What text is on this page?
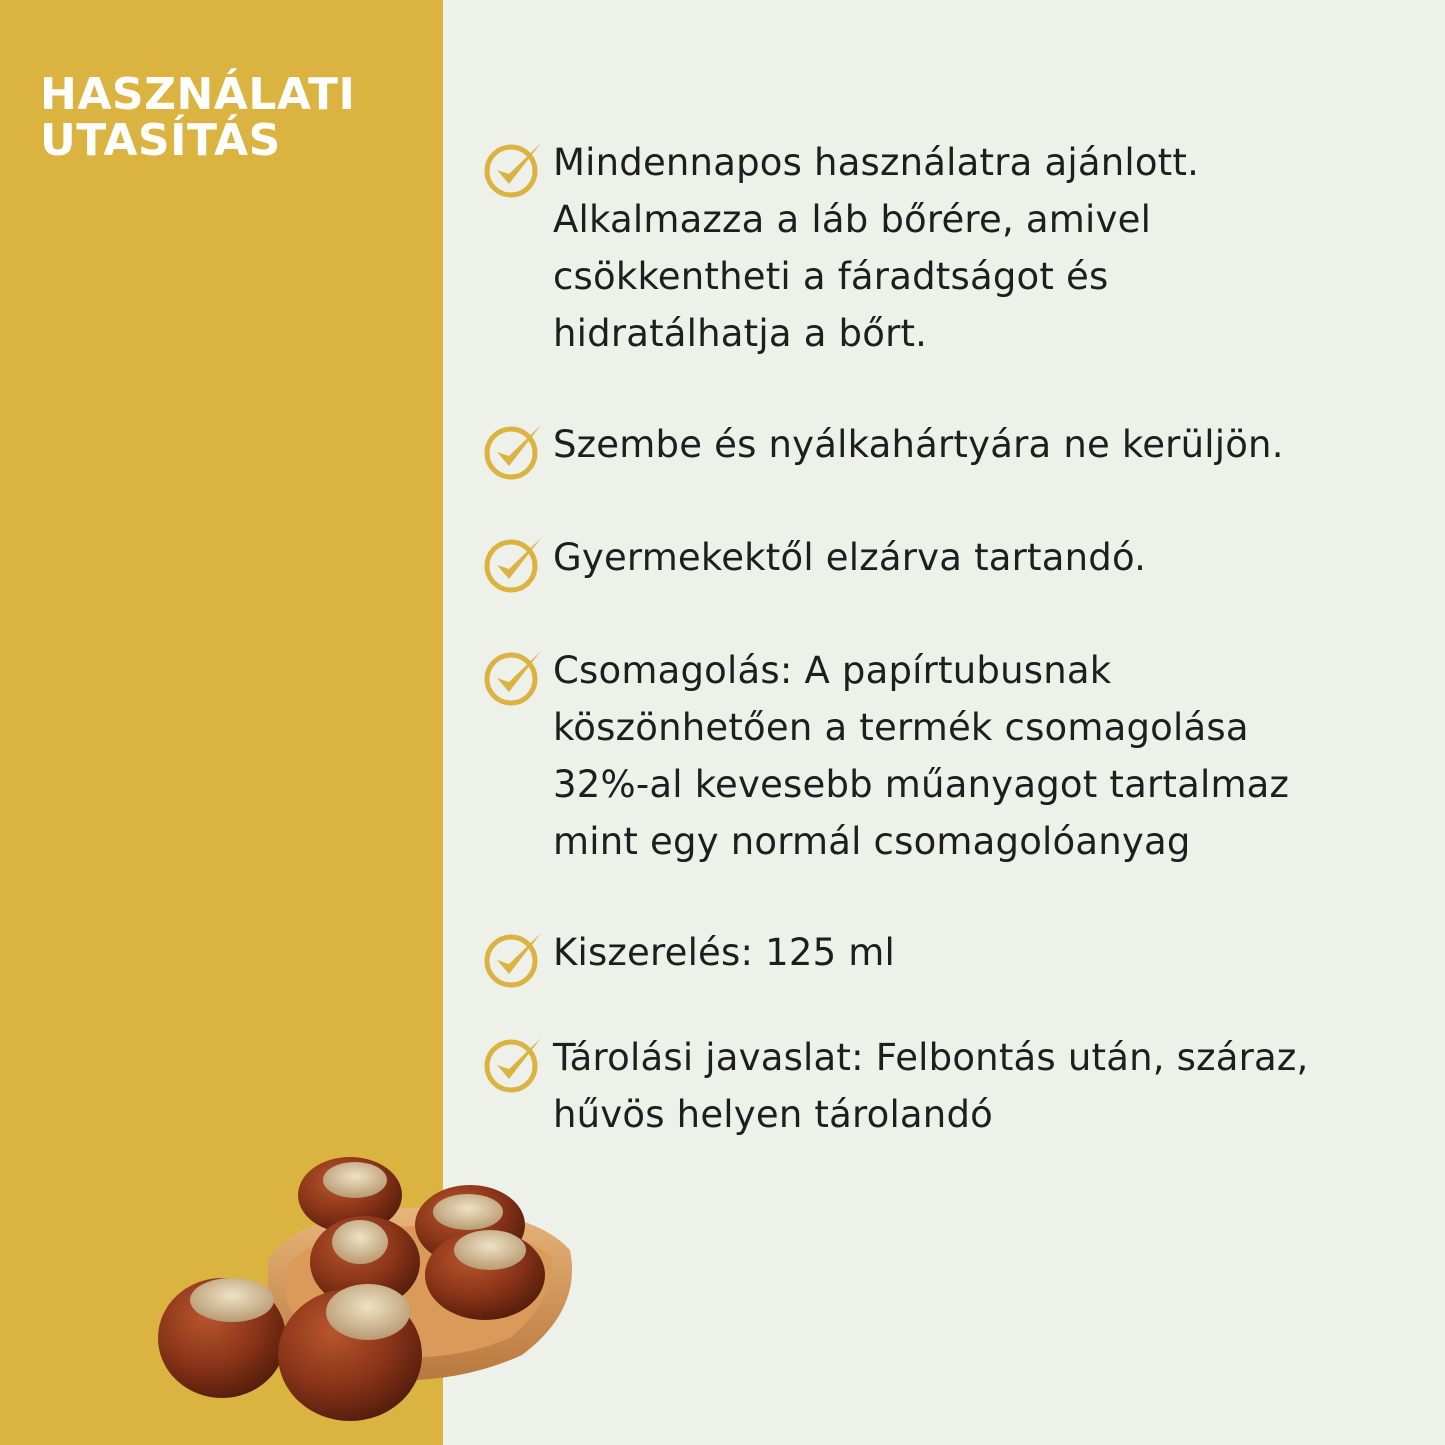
HASZNÁLATI
UTASÍTÁS	Mindennapos használatra ajánlott.
Alkalmazza a láb bőrére, amivel
csökkentheti a fáradtságot és
hidratálhatja a bőrt.
Szembe és nyálkahártyára ne kerüljön.
Gyermekektől elzárva tartandó.
Csomagolás: A papírtubusnak
köszönhetően a termék csomagolása
32%-al kevesebb műanyagot tartalmaz
mint egy normál csomagolóanyag
Kiszerelés: 125 ml
Tárolási javaslat: Felbontás után, száraz,
hűvös helyen tárolandó
